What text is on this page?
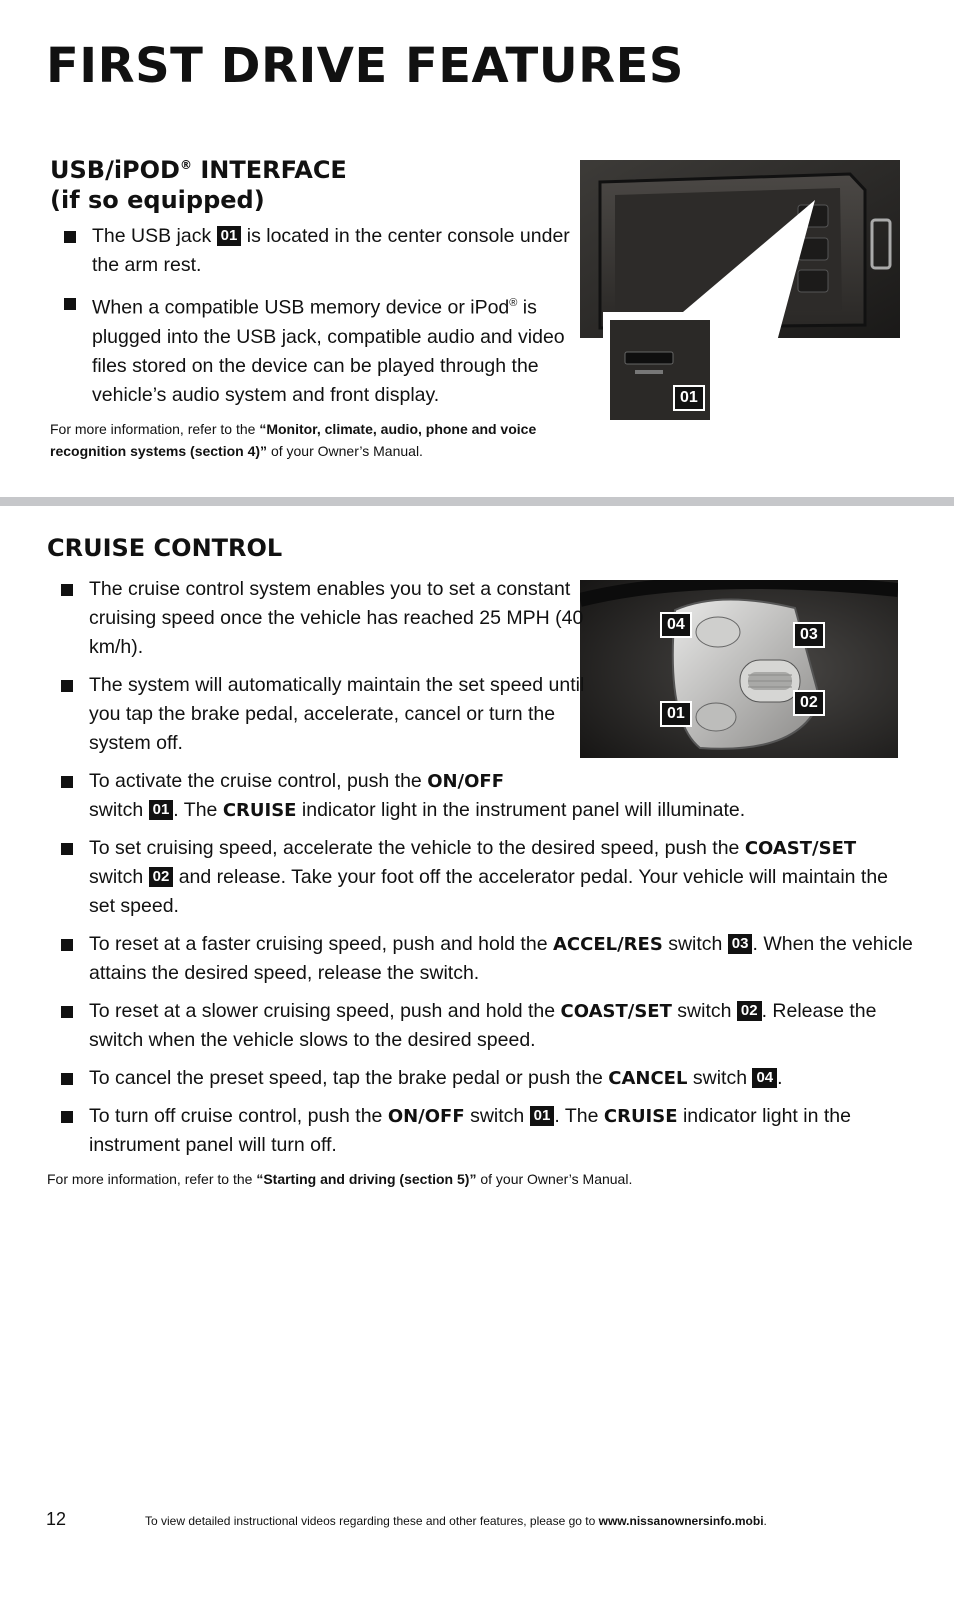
FIRST DRIVE FEATURES
USB/iPOD® INTERFACE
(if so equipped)
The USB jack 01 is located in the center console under the arm rest.
When a compatible USB memory device or iPod® is plugged into the USB jack, compatible audio and video files stored on the device can be played through the vehicle’s audio system and front display.

For more information, refer to the “Monitor, climate, audio, phone and voice recognition systems (section 4)” of your Owner’s Manual.

01
CRUISE CONTROL
04
03
01
02
The cruise control system enables you to set a constant cruising speed once the vehicle has reached 25 MPH (40 km/h).
The system will automatically maintain the set speed until you tap the brake pedal, accelerate, cancel or turn the system off.
To activate the cruise control, push the ON/OFF
switch 01 . The CRUISE indicator light in the instrument panel will illuminate.
To set cruising speed, accelerate the vehicle to the desired speed, push the COAST/SET switch 02 and release. Take your foot off the accelerator pedal. Your vehicle will maintain the set speed.
To reset at a faster cruising speed, push and hold the ACCEL/RES switch 03 . When the vehicle attains the desired speed, release the switch.
To reset at a slower cruising speed, push and hold the COAST/SET switch 02 . Release the switch when the vehicle slows to the desired speed.
To cancel the preset speed, tap the brake pedal or push the CANCEL switch 04 .
To turn off cruise control, push the ON/OFF switch 01 . The CRUISE indicator light in the instrument panel will turn off.

For more information, refer to the “Starting and driving (section 5)” of your Owner’s Manual.

12	To view detailed instructional videos regarding these and other features, please go to www.nissanownersinfo.mobi.
